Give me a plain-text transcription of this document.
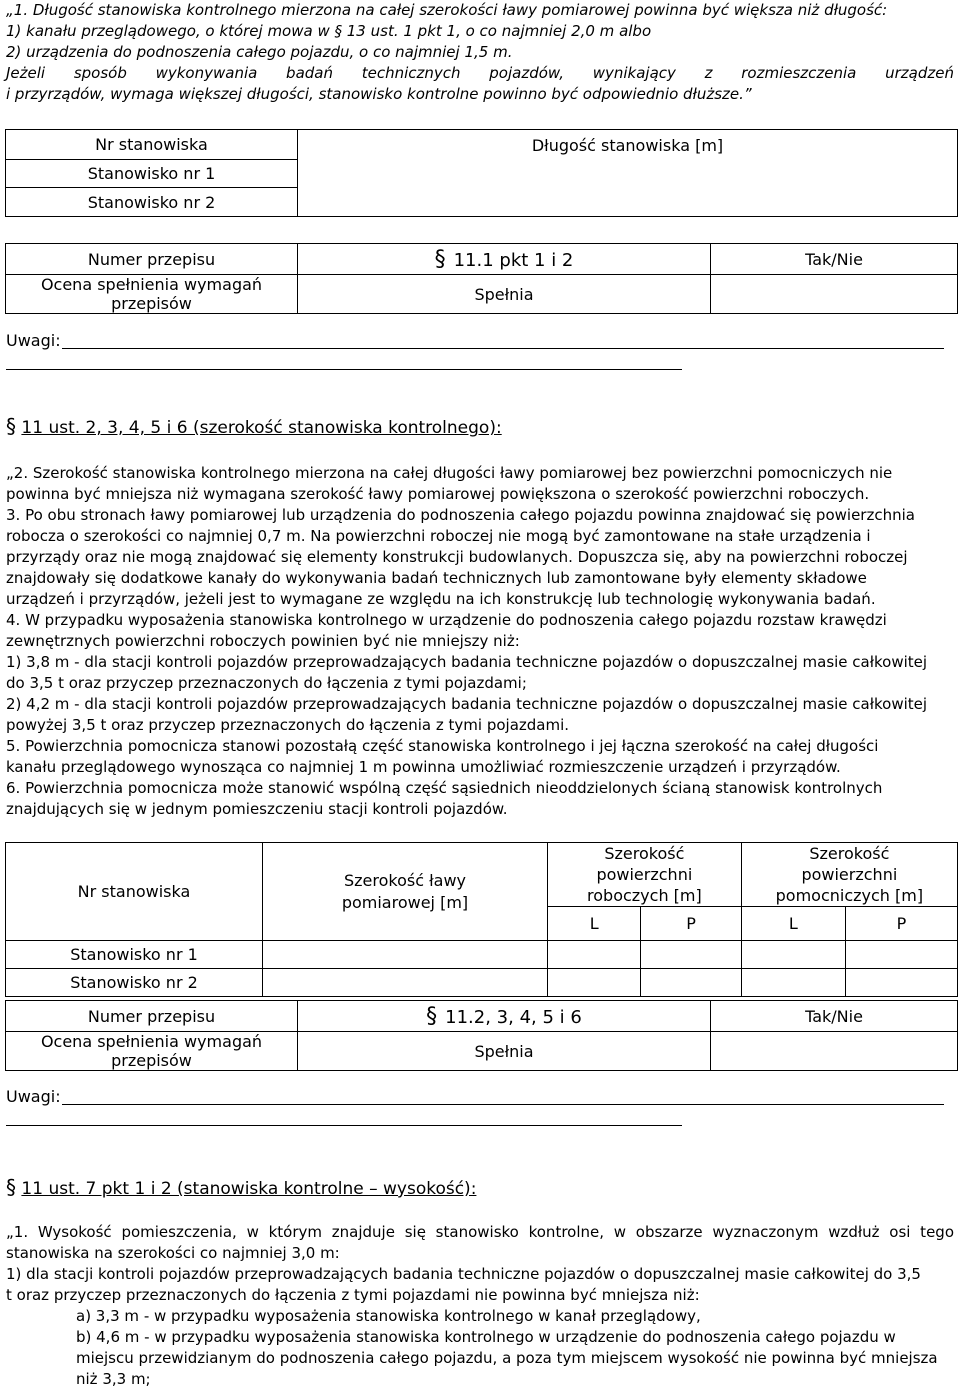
„1. Długość stanowiska kontrolnego mierzona na całej szerokości ławy pomiarowej powinna być większa niż długość:
1) kanału przeglądowego, o której mowa w § 13 ust. 1 pkt 1, o co najmniej 2,0 m albo
2) urządzenia do podnoszenia całego pojazdu, o co najmniej 1,5 m.
Jeżeli sposób wykonywania badań technicznych pojazdów, wynikający z rozmieszczenia urządzeń
i przyrządów, wymaga większej długości, stanowisko kontrolne powinno być odpowiednio dłuższe.”
Nr stanowiska	Długość stanowiska [m]
Stanowisko nr 1
Stanowisko nr 2
Numer przepisu	§ 11.1 pkt 1 i 2	Tak/Nie
Ocena spełnienia wymagań przepisów	Spełnia	
Uwagi:
§ 11 ust. 2, 3, 4, 5 i 6 (szerokość stanowiska kontrolnego):
„2. Szerokość stanowiska kontrolnego mierzona na całej długości ławy pomiarowej bez powierzchni pomocniczych nie
powinna być mniejsza niż wymagana szerokość ławy pomiarowej powiększona o szerokość powierzchni roboczych.
3. Po obu stronach ławy pomiarowej lub urządzenia do podnoszenia całego pojazdu powinna znajdować się powierzchnia
robocza o szerokości co najmniej 0,7 m. Na powierzchni roboczej nie mogą być zamontowane na stałe urządzenia i
przyrządy oraz nie mogą znajdować się elementy konstrukcji budowlanych. Dopuszcza się, aby na powierzchni roboczej
znajdowały się dodatkowe kanały do wykonywania badań technicznych lub zamontowane były elementy składowe
urządzeń i przyrządów, jeżeli jest to wymagane ze względu na ich konstrukcję lub technologię wykonywania badań.
4. W przypadku wyposażenia stanowiska kontrolnego w urządzenie do podnoszenia całego pojazdu rozstaw krawędzi
zewnętrznych powierzchni roboczych powinien być nie mniejszy niż:
1) 3,8 m - dla stacji kontroli pojazdów przeprowadzających badania techniczne pojazdów o dopuszczalnej masie całkowitej
do 3,5 t oraz przyczep przeznaczonych do łączenia z tymi pojazdami;
2) 4,2 m - dla stacji kontroli pojazdów przeprowadzających badania techniczne pojazdów o dopuszczalnej masie całkowitej
powyżej 3,5 t oraz przyczep przeznaczonych do łączenia z tymi pojazdami.
5. Powierzchnia pomocnicza stanowi pozostałą część stanowiska kontrolnego i jej łączna szerokość na całej długości
kanału przeglądowego wynosząca co najmniej 1 m powinna umożliwiać rozmieszczenie urządzeń i przyrządów.
6. Powierzchnia pomocnicza może stanowić wspólną część sąsiednich nieoddzielonych ścianą stanowisk kontrolnych
znajdujących się w jednym pomieszczeniu stacji kontroli pojazdów.
Nr stanowiska	Szerokość ławy pomiarowej [m]	Szerokość powierzchni roboczych [m]		Szerokość powierzchni pomocniczych [m]	
		L	P	L	P
Stanowisko nr 1					
Stanowisko nr 2					
Numer przepisu	§ 11.2, 3, 4, 5 i 6	Tak/Nie
Ocena spełnienia wymagań przepisów	Spełnia	
Uwagi:
§ 11 ust. 7 pkt 1 i 2 (stanowiska kontrolne – wysokość):
„1. Wysokość pomieszczenia, w którym znajduje się stanowisko kontrolne, w obszarze wyznaczonym wzdłuż osi tego
stanowiska na szerokości co najmniej 3,0 m:
1) dla stacji kontroli pojazdów przeprowadzających badania techniczne pojazdów o dopuszczalnej masie całkowitej do 3,5
t oraz przyczep przeznaczonych do łączenia z tymi pojazdami nie powinna być mniejsza niż:
a) 3,3 m - w przypadku wyposażenia stanowiska kontrolnego w kanał przeglądowy,
b) 4,6 m - w przypadku wyposażenia stanowiska kontrolnego w urządzenie do podnoszenia całego pojazdu w
miejscu przewidzianym do podnoszenia całego pojazdu, a poza tym miejscem wysokość nie powinna być mniejsza
niż 3,3 m;
